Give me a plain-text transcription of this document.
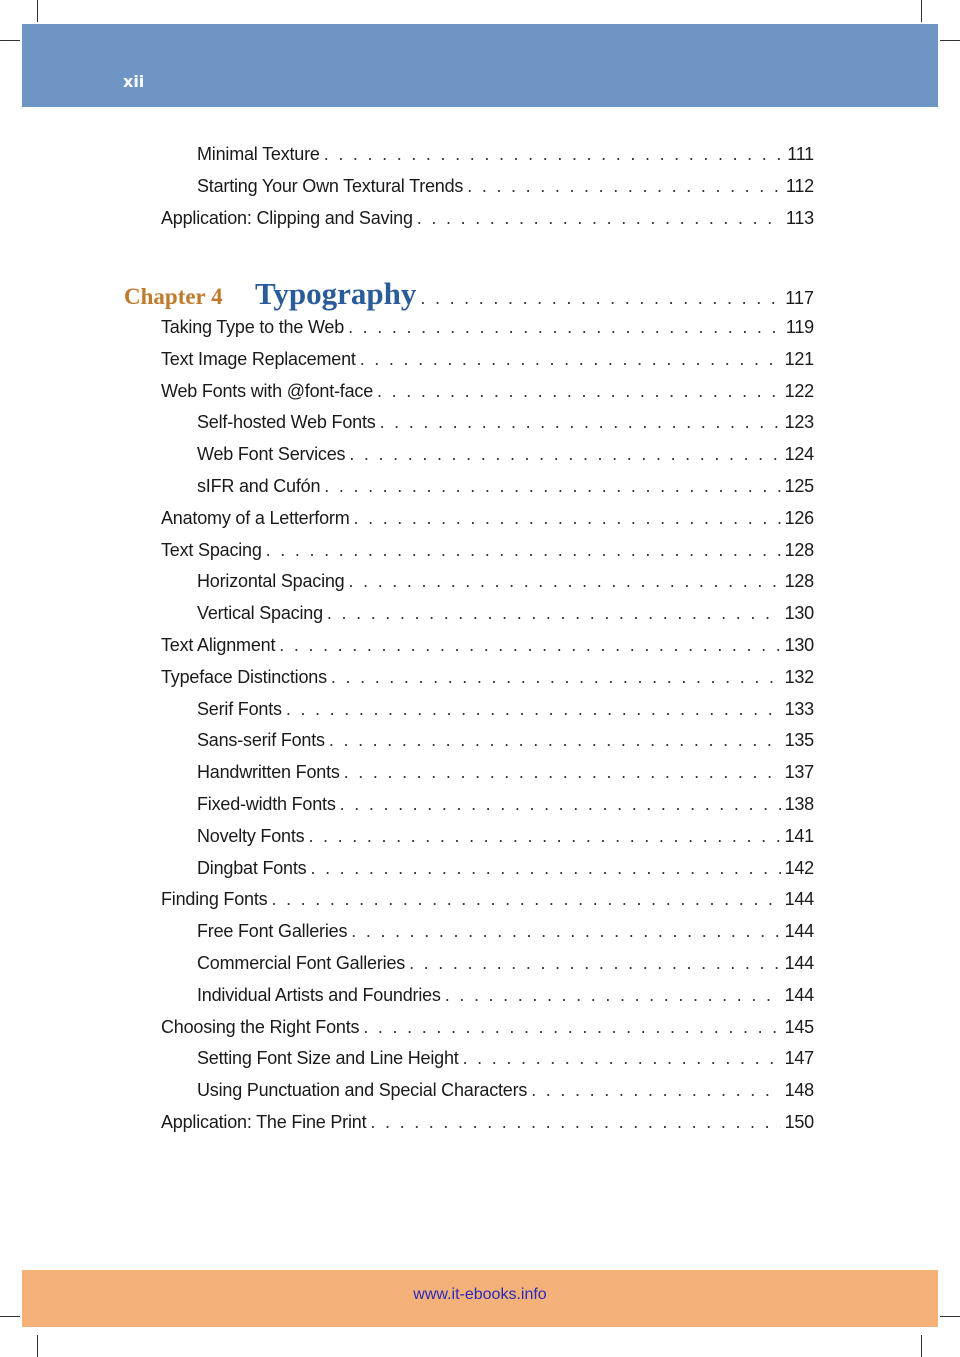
xii
Minimal Texture . . .	111
Starting Your Own Textural Trends . . .	112
Application: Clipping and Saving . . .	113
Chapter 4	Typography . . .	117
Taking Type to the Web . . .	119
Text Image Replacement . . .	121
Web Fonts with @font-face . . .	122
Self-hosted Web Fonts . . .	123
Web Font Services . . .	124
sIFR and Cufón . . .	125
Anatomy of a Letterform . . .	126
Text Spacing . . .	128
Horizontal Spacing . . .	128
Vertical Spacing . . .	130
Text Alignment . . .	130
Typeface Distinctions . . .	132
Serif Fonts . . .	133
Sans-serif Fonts . . .	135
Handwritten Fonts . . .	137
Fixed-width Fonts . . .	138
Novelty Fonts . . .	141
Dingbat Fonts . . .	142
Finding Fonts . . .	144
Free Font Galleries . . .	144
Commercial Font Galleries . . .	144
Individual Artists and Foundries . . .	144
Choosing the Right Fonts . . .	145
Setting Font Size and Line Height . . .	147
Using Punctuation and Special Characters . . .	148
Application: The Fine Print . . .	150
www.it-ebooks.info
